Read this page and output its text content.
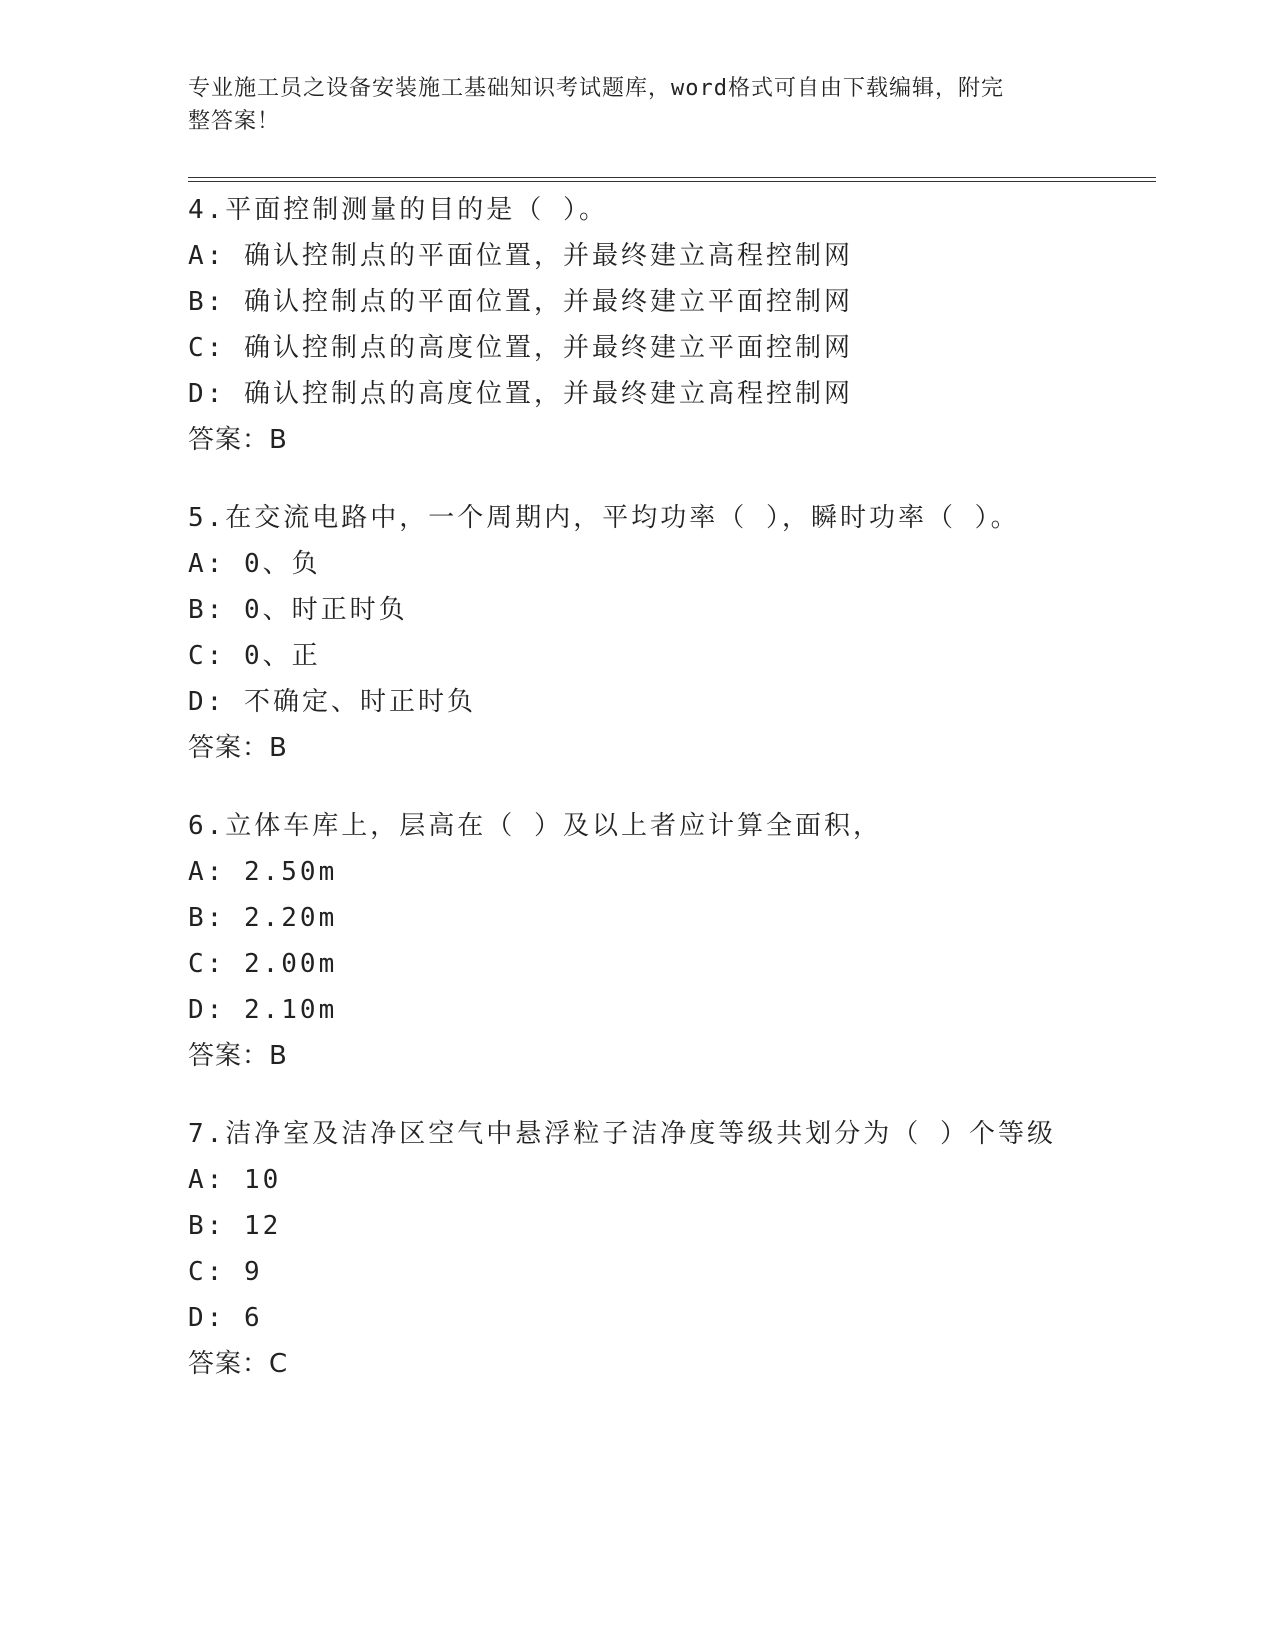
专业施工员之设备安装施工基础知识考试题库，word格式可自由下载编辑，附完
整答案！
4.平面控制测量的目的是（ ）。
A: 确认控制点的平面位置，并最终建立高程控制网
B: 确认控制点的平面位置，并最终建立平面控制网
C: 确认控制点的高度位置，并最终建立平面控制网
D: 确认控制点的高度位置，并最终建立高程控制网
答案：B
5.在交流电路中，一个周期内，平均功率（ ），瞬时功率（ ）。
A: 0、负
B: 0、时正时负
C: 0、正
D: 不确定、时正时负
答案：B
6.立体车库上，层高在（ ）及以上者应计算全面积，
A: 2.50m
B: 2.20m
C: 2.00m
D: 2.10m
答案：B
7.洁净室及洁净区空气中悬浮粒子洁净度等级共划分为（ ）个等级
A: 10
B: 12
C: 9
D: 6
答案：C
